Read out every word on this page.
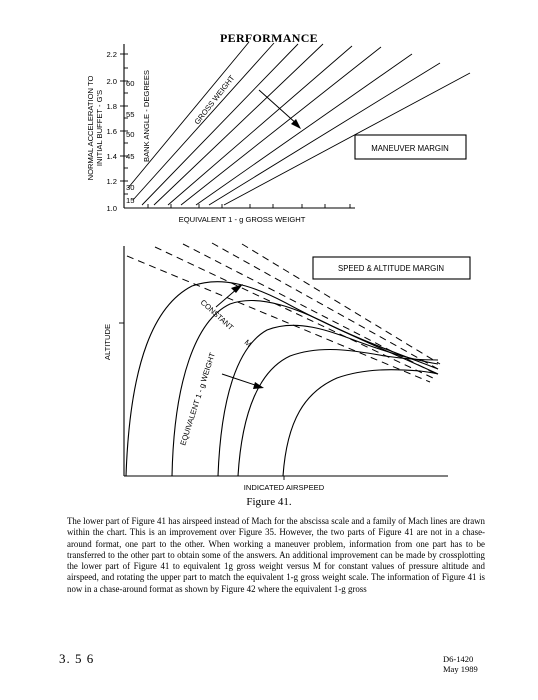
PERFORMANCE
2.2
2.0
1.8
1.6
1.4
1.2
1.0
60
55
50
45
30
15
NORMAL ACCELERATION TO INITIAL BUFFET - G'S	BANK ANGLE - DEGREES	GROSS WEIGHT
MANEUVER MARGIN
EQUIVALENT 1 - g GROSS WEIGHT
SPEED & ALTITUDE MARGIN
ALTITUDE
INDICATED AIRSPEED
CONSTANT
M
EQUIVALENT 1 - g WEIGHT
Figure 41.
The lower part of Figure 41 has airspeed instead of Mach for the abscissa scale and a family of Mach lines are drawn within the chart. This is an improvement over Figure 35. However, the two parts of Figure 41 are not in a chase-around format, one part to the other. When working a maneuver problem, information from one part has to be transferred to the other part to obtain some of the answers. An additional improvement can be made by crossplotting the lower part of Figure 41 to equivalent 1g gross weight versus M for constant values of pressure altitude and airspeed, and rotating the upper part to match the equivalent 1-g gross weight scale. The information of Figure 41 is now in a chase-around format as shown by Figure 42 where the equivalent 1-g gross
3. 5 6	D6-1420
May 1989
